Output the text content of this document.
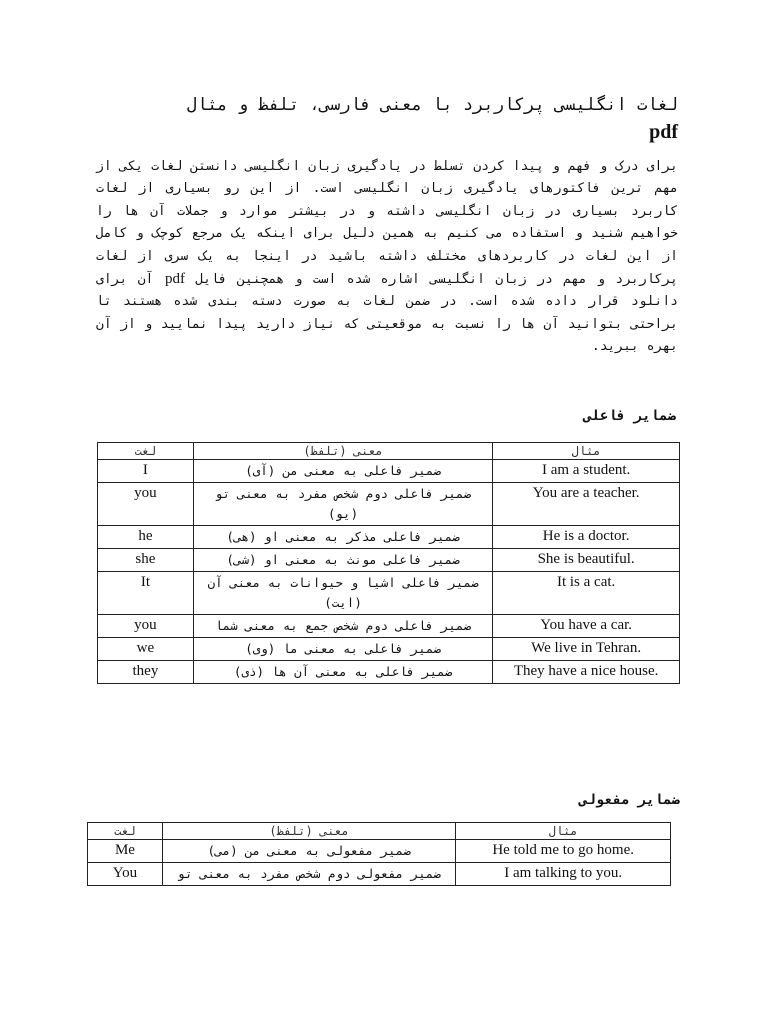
لغات انگلیسی پرکاربرد با معنی فارسی، تلفظ و مثال
pdf
برای درک و فهم و پیدا کردن تسلط در یادگیری زبان انگلیسی دانستن لغات یکی از مهم ترین فاکتورهای یادگیری زبان انگلیسی است. از این رو بسیاری از لغات کاربرد بسیاری در زبان انگلیسی داشته و در بیشتر موارد و جملات آن ها را خواهیم شنید و استفاده می کنیم به همین دلیل برای اینکه یک مرجع کوچک و کامل از این لغات در کاربردهای مختلف داشته باشید در اینجا به یک سری از لغات پرکاربرد و مهم در زبان انگلیسی اشاره شده است و همچنین فایل pdf آن برای دانلود قرار داده شده است. در ضمن لغات به صورت دسته بندی شده هستند تا براحتی بتوانید آن ها را نسبت به موقعیتی که نیاز دارید پیدا نمایید و از آن بهره ببرید.
ضمایر فاعلی
لغت	معنی (تلفظ)	مثال
I	ضمیر فاعلی به معنی من (آی)	I am a student.
you	ضمیر فاعلی دوم شخص مفرد به معنی تو (یو)	You are a teacher.
he	ضمیر فاعلی مذکر به معنی او (هی)	He is a doctor.
she	ضمیر فاعلی مونث به معنی او (شی)	She is beautiful.
It	ضمیر فاعلی اشیا و حیوانات به معنی آن (ایت)	It is a cat.
you	ضمیر فاعلی دوم شخص جمع به معنی شما	You have a car.
we	ضمیر فاعلی به معنی ما (وی)	We live in Tehran.
they	ضمیر فاعلی به معنی آن ها (ذی)	They have a nice house.
ضمایر مفعولی
لغت	معنی (تلفظ)	مثال
Me	ضمیر مفعولی به معنی من (می)	He told me to go home.
You	ضمیر مفعولی دوم شخص مفرد به معنی تو	I am talking to you.
